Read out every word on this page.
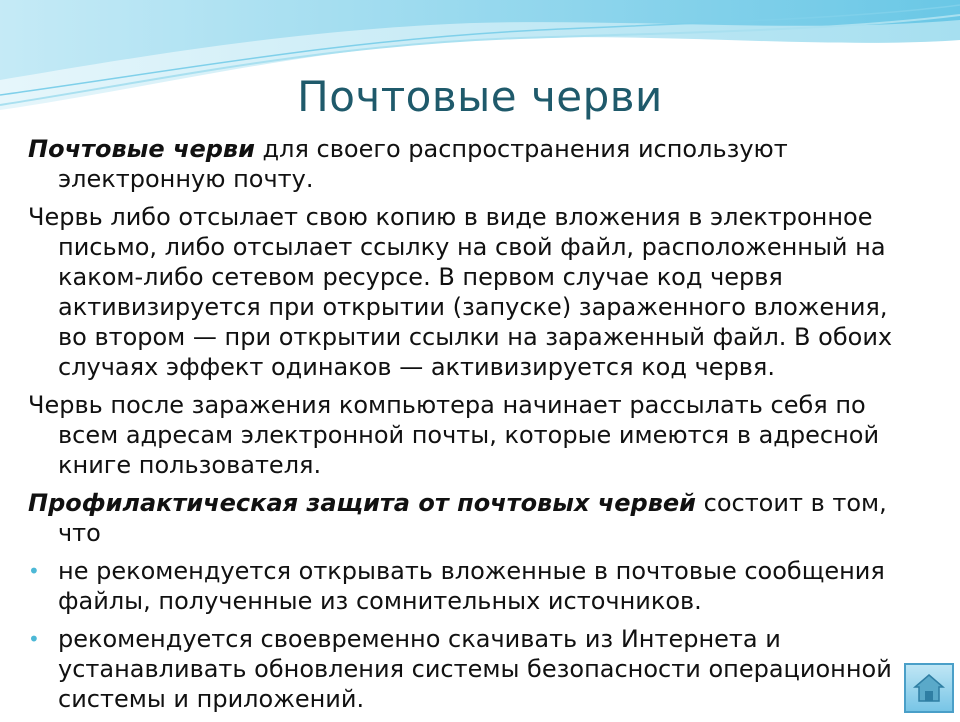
Почтовые черви

Почтовые черви для своего распространения используют электронную почту.

Червь либо отсылает свою копию в виде вложения в электронное письмо, либо отсылает ссылку на свой файл, расположенный на каком-либо сетевом ресурсе. В первом случае код червя активизируется при открытии (запуске) зараженного вложения, во втором — при открытии ссылки на зараженный файл. В обоих случаях эффект одинаков — активизируется код червя.

Червь после заражения компьютера начинает рассылать себя по всем адресам электронной почты, которые имеются в адресной книге пользователя.

Профилактическая защита от почтовых червей состоит в том, что

• не рекомендуется открывать вложенные в почтовые сообщения файлы, полученные из сомнительных источников.
• рекомендуется своевременно скачивать из Интернета и устанавливать обновления системы безопасности операционной системы и приложений.
